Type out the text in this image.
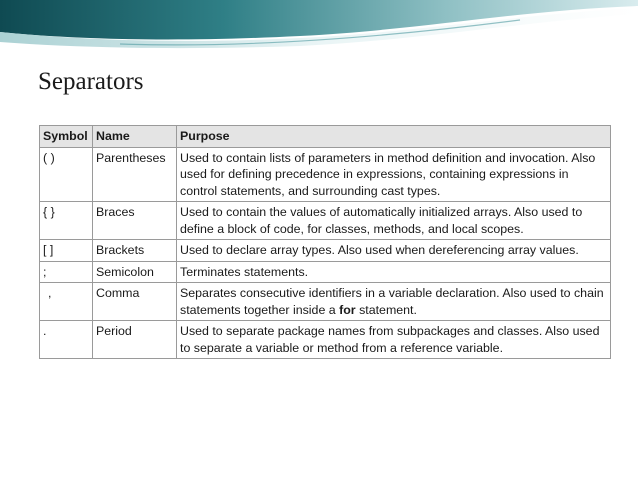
Separators
Symbol	Name	Purpose
( )	Parentheses	Used to contain lists of parameters in method definition and invocation. Also used for defining precedence in expressions, containing expressions in control statements, and surrounding cast types.
{ }	Braces	Used to contain the values of automatically initialized arrays. Also used to define a block of code, for classes, methods, and local scopes.
[ ]	Brackets	Used to declare array types. Also used when dereferencing array values.
;	Semicolon	Terminates statements.
,	Comma	Separates consecutive identifiers in a variable declaration. Also used to chain statements together inside a for statement.
.	Period	Used to separate package names from subpackages and classes. Also used to separate a variable or method from a reference variable.
